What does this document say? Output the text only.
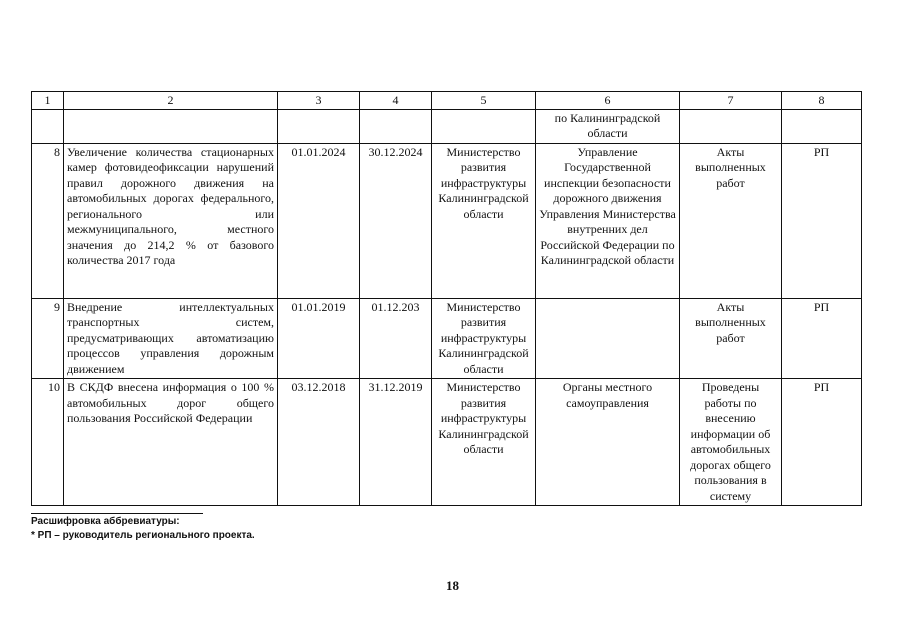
1	2	3	4	5	6	7	8
					по Калининградской области		
8	Увеличение количества стационарных камер фотовидеофиксации нарушений правил дорожного движения на автомобильных дорогах федерального, регионального или межмуниципального, местного значения до 214,2 % от базового количества 2017 года	01.01.2024	30.12.2024	Министерство развития инфраструктуры Калининградской области	Управление Государственной инспекции безопасности дорожного движения Управления Министерства внутренних дел Российской Федерации по Калининградской области	Акты выполненных работ	РП
9	Внедрение интеллектуальных транспортных систем, предусматривающих автоматизацию процессов управления дорожным движением	01.01.2019	01.12.203	Министерство развития инфраструктуры Калининградской области		Акты выполненных работ	РП
10	В СКДФ внесена информация о 100 % автомобильных дорог общего пользования Российской Федерации	03.12.2018	31.12.2019	Министерство развития инфраструктуры Калининградской области	Органы местного самоуправления	Проведены работы по внесению информации об автомобильных дорогах общего пользования в систему	РП
Расшифровка аббревиатуры:
* РП – руководитель регионального проекта.
18
